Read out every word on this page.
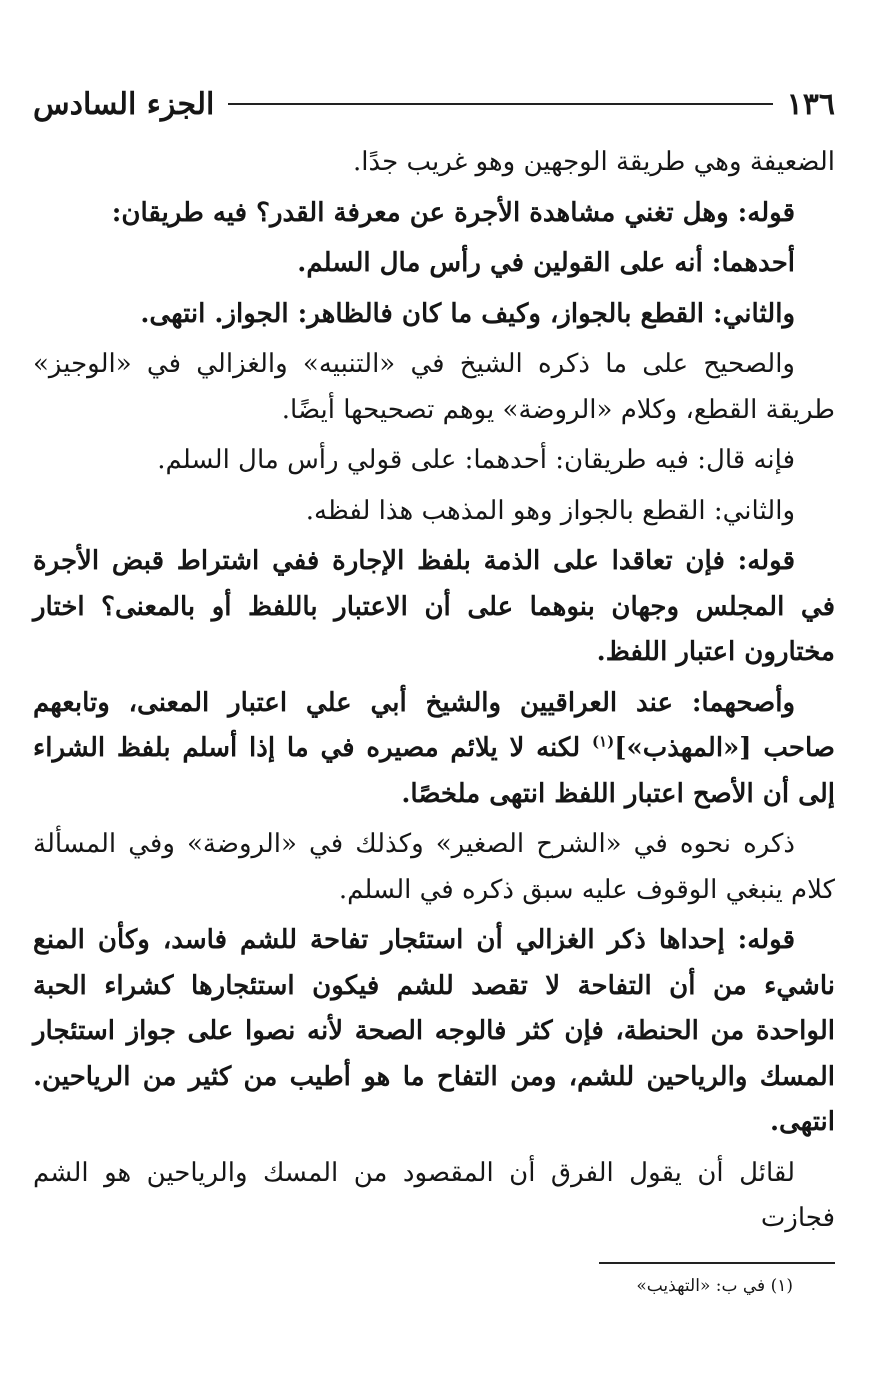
١٣٦
الجزء السادس

الضعيفة وهي طريقة الوجهين وهو غريب جدًا.

قوله: وهل تغني مشاهدة الأجرة عن معرفة القدر؟ فيه طريقان:

أحدهما: أنه على القولين في رأس مال السلم.

والثاني: القطع بالجواز، وكيف ما كان فالظاهر: الجواز. انتهى.

والصحيح على ما ذكره الشيخ في «التنبيه» والغزالي في «الوجيز» طريقة القطع، وكلام «الروضة» يوهم تصحيحها أيضًا.

فإنه قال: فيه طريقان: أحدهما: على قولي رأس مال السلم.

والثاني: القطع بالجواز وهو المذهب هذا لفظه.

قوله: فإن تعاقدا على الذمة بلفظ الإجارة ففي اشتراط قبض الأجرة في المجلس وجهان بنوهما على أن الاعتبار باللفظ أو بالمعنى؟ اختار مختارون اعتبار اللفظ.

وأصحهما: عند العراقيين والشيخ أبي علي اعتبار المعنى، وتابعهم صاحب [«المهذب»]$^{(١)}$ لكنه لا يلائم مصيره في ما إذا أسلم بلفظ الشراء إلى أن الأصح اعتبار اللفظ انتهى ملخصًا.

ذكره نحوه في «الشرح الصغير» وكذلك في «الروضة» وفي المسألة كلام ينبغي الوقوف عليه سبق ذكره في السلم.

قوله: إحداها ذكر الغزالي أن استئجار تفاحة للشم فاسد، وكأن المنع ناشيء من أن التفاحة لا تقصد للشم فيكون استئجارها كشراء الحبة الواحدة من الحنطة، فإن كثر فالوجه الصحة لأنه نصوا على جواز استئجار المسك والرياحين للشم، ومن التفاح ما هو أطيب من كثير من الرياحين. انتهى.

لقائل أن يقول الفرق أن المقصود من المسك والرياحين هو الشم فجازت

(١) في ب: «التهذيب»
